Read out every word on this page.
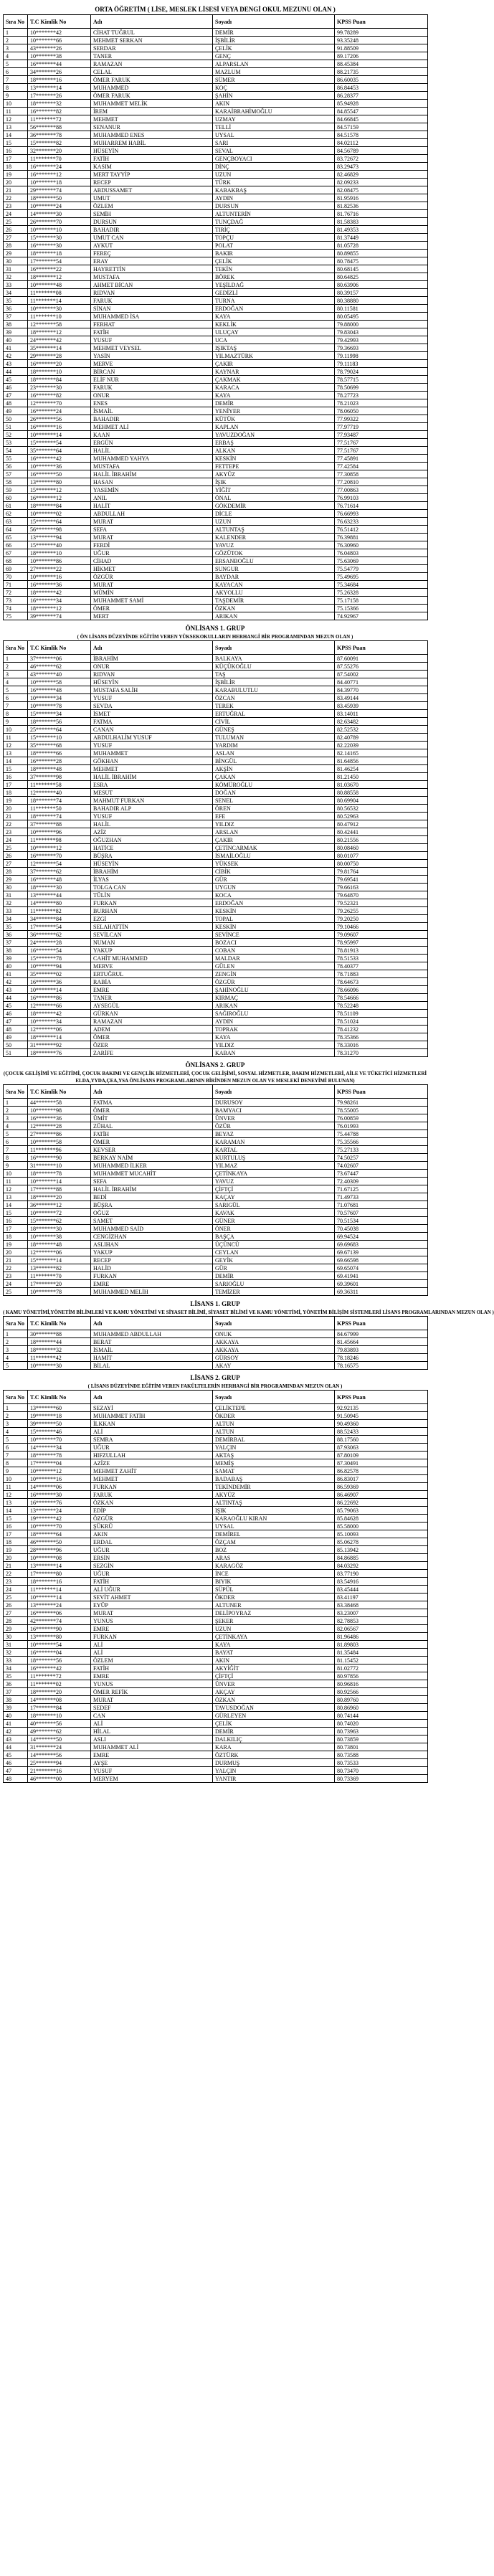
ORTA ÖĞRETİM ( LİSE, MESLEK LİSESİ VEYA DENGİ OKUL MEZUNU OLAN )
Sıra No	T.C Kimlik No	Adı	Soyadı	KPSS Puan
1	10*******42	CİHAT TUĞRUL	DEMİR	99.78289
2	10*******66	MEHMET SERKAN	İŞBİLİR	93.35248
3	43*******26	SERDAR	ÇELİK	91.88509
4	10*******38	TANER	GENÇ	89.17206
5	16*******44	RAMAZAN	ALPARSLAN	88.45384
6	34*******26	CELAL	MAZLUM	88.21735
7	18*******16	ÖMER FARUK	SÜMER	86.60035
8	13*******14	MUHAMMED	KOÇ	86.84453
9	17*******26	ÖMER FARUK	ŞAHİN	86.28377
10	18*******32	MUHAMMET MELİK	AKIN	85.94928
11	16*******82	İREM	KARAİBRAHİMOĞLU	84.85547
12	11*******72	MEHMET	UZMAY	84.66845
13	56*******88	SENANUR	TELLİ	84.57159
14	36*******78	MUHAMMED ENES	UYSAL	84.51578
15	15*******82	MUHARREM HABİL	SARI	84.02112
16	32*******20	HÜSEYİN	SEVAL	84.56789
17	11*******70	FATİH	GENÇBOYACI	83.72672
18	16*******24	KASIM	DİNÇ	83.29473
19	16*******12	MERT TAYYİP	UZUN	82.46829
20	10*******18	RECEP	TÜRK	82.09233
21	29*******74	ABDUSSAMET	KABAKBAŞ	82.08475
22	18*******50	UMUT	AYDIN	81.95916
23	10*******24	ÖZLEM	DURSUN	81.82536
24	14*******30	SEMİH	ALTUNTERİN	81.76716
25	26*******70	DURSUN	TUNÇDAĞ	81.58383
26	10*******10	BAHADIR	TIRİÇ	81.49353
27	15*******30	UMUT CAN	TOPÇU	81.37449
28	16*******30	AYKUT	POLAT	81.05728
29	18*******18	FEREÇ	BAKIR	80.89855
30	17*******54	ERAY	ÇELİK	80.78475
31	16*******22	HAYRETTİN	TEKİN	80.68145
32	18*******12	MUSTAFA	BÖREK	80.64825
33	10*******48	AHMET BİCAN	YEŞİLDAĞ	80.63906
34	11*******08	RIDVAN	GEDİZLİ	80.39157
35	11*******14	FARUK	TURNA	80.38880
36	10*******30	SİNAN	ERDOĞAN	80.11581
37	11*******10	MUHAMMED İSA	KAYA	80.05495
38	12*******58	FERHAT	KEKLİK	79.88000
39	18*******12	FATİH	ULUÇAY	79.83043
40	24*******42	YUSUF	UCA	79.42993
41	35*******14	MEHMET VEYSEL	IŞIKTAŞ	79.36693
42	29*******28	YASİN	YILMAZTÜRK	79.11998
43	16*******20	MERVE	ÇAKIR	79.11183
44	18*******10	BİRCAN	KAYNAR	78.79024
45	18*******84	ELİF NUR	ÇAKMAK	78.57715
46	23*******30	FARUK	KARACA	78.50699
47	16*******82	ONUR	KAYA	78.27723
48	12*******70	ENES	DEMİR	78.21023
49	16*******24	İSMAİL	YENİYER	78.06050
50	26*******56	BAHADIR	KÜTÜK	77.99322
51	16*******16	MEHMET ALİ	KAPLAN	77.97719
52	10*******14	KAAN	YAVUZDOĞAN	77.93487
53	15*******54	ERGÜN	ERBAŞ	77.51767
54	35*******64	HALİL	ALKAN	77.51767
55	16*******42	MUHAMMED YAHYA	KESKİN	77.45891
56	10*******36	MUSTAFA	FETTEPE	77.42584
57	16*******50	HALİL İBRAHİM	AKYÜZ	77.30858
58	13*******80	HASAN	İŞIK	77.20810
59	15*******12	YASEMİN	YİĞİT	77.00863
60	16*******12	ANIL	ÖNAL	76.99103
61	18*******84	HALİT	GÖKDEMİR	76.71614
62	10*******02	ABDULLAH	DİCLE	76.66993
63	15*******64	MURAT	UZUN	76.63233
64	56*******98	SEFA	ALTUNTAŞ	76.51412
65	13*******94	MURAT	KALENDER	76.39881
66	15*******40	FERDİ	YAVUZ	76.30960
67	18*******10	UĞUR	GÖZÜTOK	76.04803
68	10*******86	CİHAD	ERSANBOĞLU	75.63069
69	27*******22	HİKMET	SUNGUR	75.54779
70	10*******16	ÖZGÜR	BAYDAR	75.49695
71	16*******36	MURAT	KAYACAN	75.34684
72	18*******42	MÜMİN	AKYOLLU	75.26328
73	16*******34	MUHAMMET SAMİ	TAŞDEMİR	75.17158
74	18*******12	ÖMER	ÖZKAN	75.15366
75	39*******74	MERT	ARIKAN	74.92967
ÖNLİSANS 1. GRUP
( ÖN LİSANS DÜZEYİNDE EĞİTİM VEREN YÜKSEKOKULLARIN HERHANGİ BİR PROGRAMINDAN MEZUN OLAN )
Sıra No	T.C Kimlik No	Adı	Soyadı	KPSS Puan
1	37*******06	İBRAHİM	BALKAYA	87.60091
2	46*******62	ONUR	KÜÇÜKOĞLU	87.55276
3	43*******40	RIDVAN	TAŞ	87.54002
4	10*******58	HÜSEYİN	İŞBİLİR	84.40771
5	16*******48	MUSTAFA SALİH	KARABULUTLU	84.39770
6	10*******34	YUSUF	ÖZCAN	83.49144
7	10*******78	SEVDA	TEREK	83.45939
8	15*******34	İSMET	ERTUĞRAL	83.14011
9	18*******56	FATMA	CİVİL	82.63482
10	25*******64	CANAN	GÜNEŞ	82.52532
11	15*******10	ABDULHALİM YUSUF	TULUMAN	82.40789
12	35*******68	YUSUF	YARDIM	82.22039
13	18*******66	MUHAMMET	ASLAN	82.14165
14	16*******28	GÖKHAN	BİNGÜL	81.64856
15	18*******48	MEHMET	AKŞİN	81.46254
16	37*******98	HALİL İBRAHİM	ÇAKAN	81.21450
17	11*******58	ESRA	KÖMÜROĞLU	81.03670
18	12*******40	MESUT	DOĞAN	80.88558
19	18*******74	MAHMUT FURKAN	SENEL	80.69904
20	11*******50	BAHADIR ALP	ÖREN	80.56532
21	18*******74	YUSUF	EFE	80.52963
22	37*******88	HALİL	YILDIZ	80.47912
23	10*******96	AZİZ	ARSLAN	80.42441
24	11*******98	OĞUZHAN	ÇAKIR	80.21556
25	10*******12	HATİCE	ÇETİNCARMAK	80.08460
26	16*******70	BÜŞRA	İSMAİLOĞLU	80.01077
27	12*******54	HÜSEYİN	YÜKSEK	80.00750
28	37*******62	İBRAHİM	CİBİK	79.81764
29	16*******48	İLYAS	GÜR	79.69541
30	18*******30	TOLGA CAN	UYGUN	79.66163
31	13*******44	TÜLİN	KOCA	79.64870
32	14*******80	FURKAN	ERDOĞAN	79.52321
33	11*******82	BURHAN	KESKİN	79.26255
34	34*******84	EZGİ	TOPAL	79.20250
35	17*******54	SELAHATTİN	KESKİN	79.10466
36	36*******62	SEVİLCAN	SEVİNCE	79.09607
37	24*******28	NUMAN	BOZACI	78.95997
38	16*******54	YAKUP	COBAN	78.81913
39	15*******78	CAHİT MUHAMMED	MALDAR	78.51533
40	10*******94	MERVE	GÜLEN	78.40377
41	35*******02	ERTUĞRUL	ZENGİN	78.71883
42	16*******36	RABİA	ÖZGÜR	78.64673
43	10*******14	EMRE	ŞAHİNOĞLU	78.66096
44	16*******86	TANER	KIRMAÇ	78.54666
45	12*******66	AYSEGÜL	ARIKAN	78.52248
46	18*******42	GÜRKAN	SAĞIROĞLU	78.51109
47	10*******34	RAMAZAN	AYDIN	78.51024
48	12*******06	ADEM	TOPRAK	78.41232
49	18*******14	ÖMER	KAYA	78.35366
50	31*******92	ÖZER	YILDIZ	78.33016
51	18*******76	ZARİFE	KABAN	78.31270
ÖNLİSANS 2. GRUP
(ÇOCUK GELİŞİMİ VE EĞİTİMİ, ÇOCUK BAKIMI VE GENÇLİK HİZMETLERİ, ÇOCUK GELİŞİMİ, SOSYAL HİZMETLER, BAKIM HİZMETLERİ, AİLE VE TÜKETİCİ HİZMETLERİ
ELDA,YYDA,ÇEA,YSA ÖNLİSANS PROGRAMLARININ BİRİNDEN MEZUN OLAN VE MESLEKİ DENEYİMİ BULUNAN)
Sıra No	T.C Kimlik No	Adı	Soyadı	KPSS Puan
1	44*******58	FATMA	DURUSOY	79.98261
2	10*******98	ÖMER	BAMYACI	78.55005
3	16*******36	ÜMİT	ÜNVER	76.00859
4	12*******28	ZÜHAL	ÖZÜR	76.01993
5	27*******86	FATİH	BEYAZ	75.44788
6	10*******58	ÖMER	KARAMAN	75.35566
7	11*******96	KEVSER	KARTAL	75.27133
8	16*******90	BERKAY NAİM	KURTULUŞ	74.50257
9	31*******10	MUHAMMED İLKER	YILMAZ	74.02607
10	18*******78	MUHAMMET MUCAHİT	ÇETİNKAYA	73.67447
11	10*******14	SEFA	YAVUZ	72.40309
12	17*******88	HALİL İBRAHİM	ÇİFTÇİ	71.67125
13	18*******20	BEDİ	KAÇAY	71.49733
14	36*******12	BÜŞRA	SARIGÜL	71.07681
15	10*******72	OĞUZ	KAVAK	70.57607
16	15*******62	SAMET	GÜNER	70.51534
17	18*******30	MUHAMMED SAİD	ÖNER	70.45038
18	10*******38	CENGİZHAN	BAŞÇA	69.94524
19	18*******48	ASLIHAN	ÜÇÜNCÜ	69.69683
20	12*******06	YAKUP	CEYLAN	69.67139
21	15*******14	RECEP	GEYİK	69.66598
22	13*******82	HALİD	GÜR	69.65074
23	11*******70	FURKAN	DEMİR	69.41941
24	17*******20	EMRE	SARIOĞLU	69.39601
25	10*******78	MUHAMMED MELİH	TEMİZER	69.36311
LİSANS 1. GRUP
( KAMU YÖNETİMİ,YÖNETİM BİLİMLERİ VE KAMU YÖNETİMİ VE SİYASET BİLİMİ, SİYASET BİLİMİ VE KAMU YÖNETİMİ, YÖNETİM BİLİŞİM SİSTEMLERİ LİSANS PROGRAMLARINDAN MEZUN OLAN )
Sıra No	T.C Kimlik No	Adı	Soyadı	KPSS Puan
1	30*******88	MUHAMMED ABDULLAH	ONUK	84.67999
2	18*******44	BERAT	AKKAYA	81.45664
3	18*******32	İSMAİL	AKKAYA	79.83893
4	11*******42	HAMİT	GÜRSOY	78.18246
5	10*******30	BİLAL	AKAY	78.16575
LİSANS 2. GRUP
( LİSANS DÜZEYİNDE EĞİTİM VEREN FAKÜLTELERİN HERHANGİ BİR PROGRAMINDAN MEZUN OLAN )
Sıra No	T.C Kimlik No	Adı	Soyadı	KPSS Puan
1	13*******60	SEZAYİ	ÇELİKTEPE	92.92135
2	19*******18	MUHAMMET FATİH	ÖKDER	91.50945
3	39*******50	İLKKAN	ALTUN	90.49360
4	15*******46	ALİ	ALTUN	88.52433
5	10*******70	SEMRA	DEMİRBAL	88.17560
6	14*******34	UĞUR	YALÇIN	87.93063
7	18*******78	HIFZULLAH	AKTAŞ	87.80109
8	17*******04	AZİZE	MEMİŞ	87.30491
9	10*******12	MEHMET ZAHİT	SAMAT	86.82578
10	10*******16	MEHMET	BADABAŞ	86.83017
11	14*******06	FURKAN	TEKİNDEMİR	86.59369
12	16*******30	FARUK	AKYÜZ	86.46907
13	16*******76	ÖZKAN	ALTINTAŞ	86.22692
14	13*******24	EDİP	IŞIK	85.79063
15	19*******42	ÖZGÜR	KARAOĞLU KIRAN	85.84628
16	10*******70	ŞÜKRÜ	UYSAL	85.58000
17	18*******64	AKIN	DEMİREL	85.10093
18	46*******50	ERDAL	ÖZÇAM	85.06278
19	28*******96	UĞUR	BOZ	85.13942
20	10*******08	ERSİN	ARAS	84.86885
21	13*******14	SEZGİN	KARAGÖZ	84.03292
22	17*******80	UĞUR	İNCE	83.77190
23	18*******16	FATİH	BIYIK	83.54916
24	11*******14	ALİ UĞUR	SÜPÜL	83.45444
25	10*******14	SEVİT AHMET	ÖKDER	83.41197
26	13*******24	EYÜP	ALTUNER	83.38468
27	16*******06	MURAT	DELİPOYRAZ	83.23007
28	42*******74	YUNUS	ŞEKER	82.78853
29	16*******90	EMRE	UZUN	82.06567
30	13*******80	FURKAN	ÇETİNKAYA	81.96486
31	10*******54	ALİ	KAYA	81.89803
32	16*******04	ALİ	BAYAT	81.35484
33	18*******56	ÖZLEM	AKIN	81.15452
34	16*******42	FATİH	AKYİĞİT	81.02772
35	11*******72	EMRE	ÇİFTÇİ	80.97856
36	11*******02	YUNUS	ÜNVER	80.96816
37	18*******20	ÖMER REFİK	AKÇAY	80.92566
38	14*******08	MURAT	ÖZKAN	80.89760
39	17*******84	SEDEF	TAVUSDOĞAN	80.86960
40	18*******10	CAN	GÜRLEYEN	80.74144
41	40*******56	ALİ	ÇELİK	80.74020
42	49*******62	HİLAL	DEMİR	80.73963
43	14*******50	ASLI	DALKILIÇ	80.73859
44	31*******24	MUHAMMET ALİ	KARA	80.73801
45	14*******56	EMRE	ÖZTÜRK	80.73588
46	25*******94	AYŞE	DURMUŞ	80.73533
47	21*******16	YUSUF	YALÇIN	80.73470
48	46*******00	MERYEM	YANTIR	80.73369
